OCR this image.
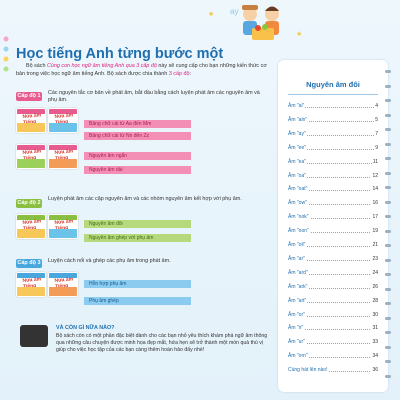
★
★
Học tiếng Anh từng bước một
ay

Bộ sách Cùng con học ngữ âm tiếng Anh qua 3 cấp độ này sẽ cung cấp cho bạn những kiến thức cơ bản trong việc học ngữ âm tiếng Anh. Bộ sách được chia thành 3 cấp độ:

Cấp độ 1 Các nguyên tắc cơ bản về phát âm, bắt đầu bằng cách luyện phát âm các nguyên âm và phụ âm.
Nửa âm	Nửa âm
Nửa âm	Nửa âm
Bảng chữ cái từ Aa đến Mm
Bảng chữ cái từ Nn đến Zz
Nguyên âm ngắn
Nguyên âm dài
Cấp độ 2
Luyện phát âm các cặp nguyên âm và các nhóm nguyên âm kết hợp với phụ âm.
Nửa âm	Nửa âm	Nguyên âm đôi
Nguyên âm ghép với phụ âm
Cấp độ 3 Luyện cách nối và ghép các phụ âm trong phát âm.
Nửa âm	Nửa âm
Hỗn hợp phụ âm
Phụ âm ghép
VÀ CÒN GÌ NỮA NÀO?
Bộ sách còn có một phần đặc biệt dành cho các bạn nhỏ yêu thích khám phá ngữ âm thông qua những câu chuyện được minh họa đẹp mắt, hứa hẹn sẽ trở thành một món quà thú vị giúp cho việc học tập của các bạn càng thêm hoàn hảo đấy nhé!
Nguyên âm đôi
Âm "ai"	4
Âm "ain"	5
Âm "ay"	7
Âm "ee"	9
Âm "ea"	11
Âm "oa"	12
Âm "oat"	14
Âm "ow"	16
Âm "ook"	17
Âm "oon"	19
Âm "oil"	21
Âm "ar"	23
Âm "ard"	24
Âm "ark"	26
Âm "art"	28
Âm "or"	30
Âm "ir"	31
Âm "ur"	33
Âm "orn"	34
Cùng hát lên nào!	36
